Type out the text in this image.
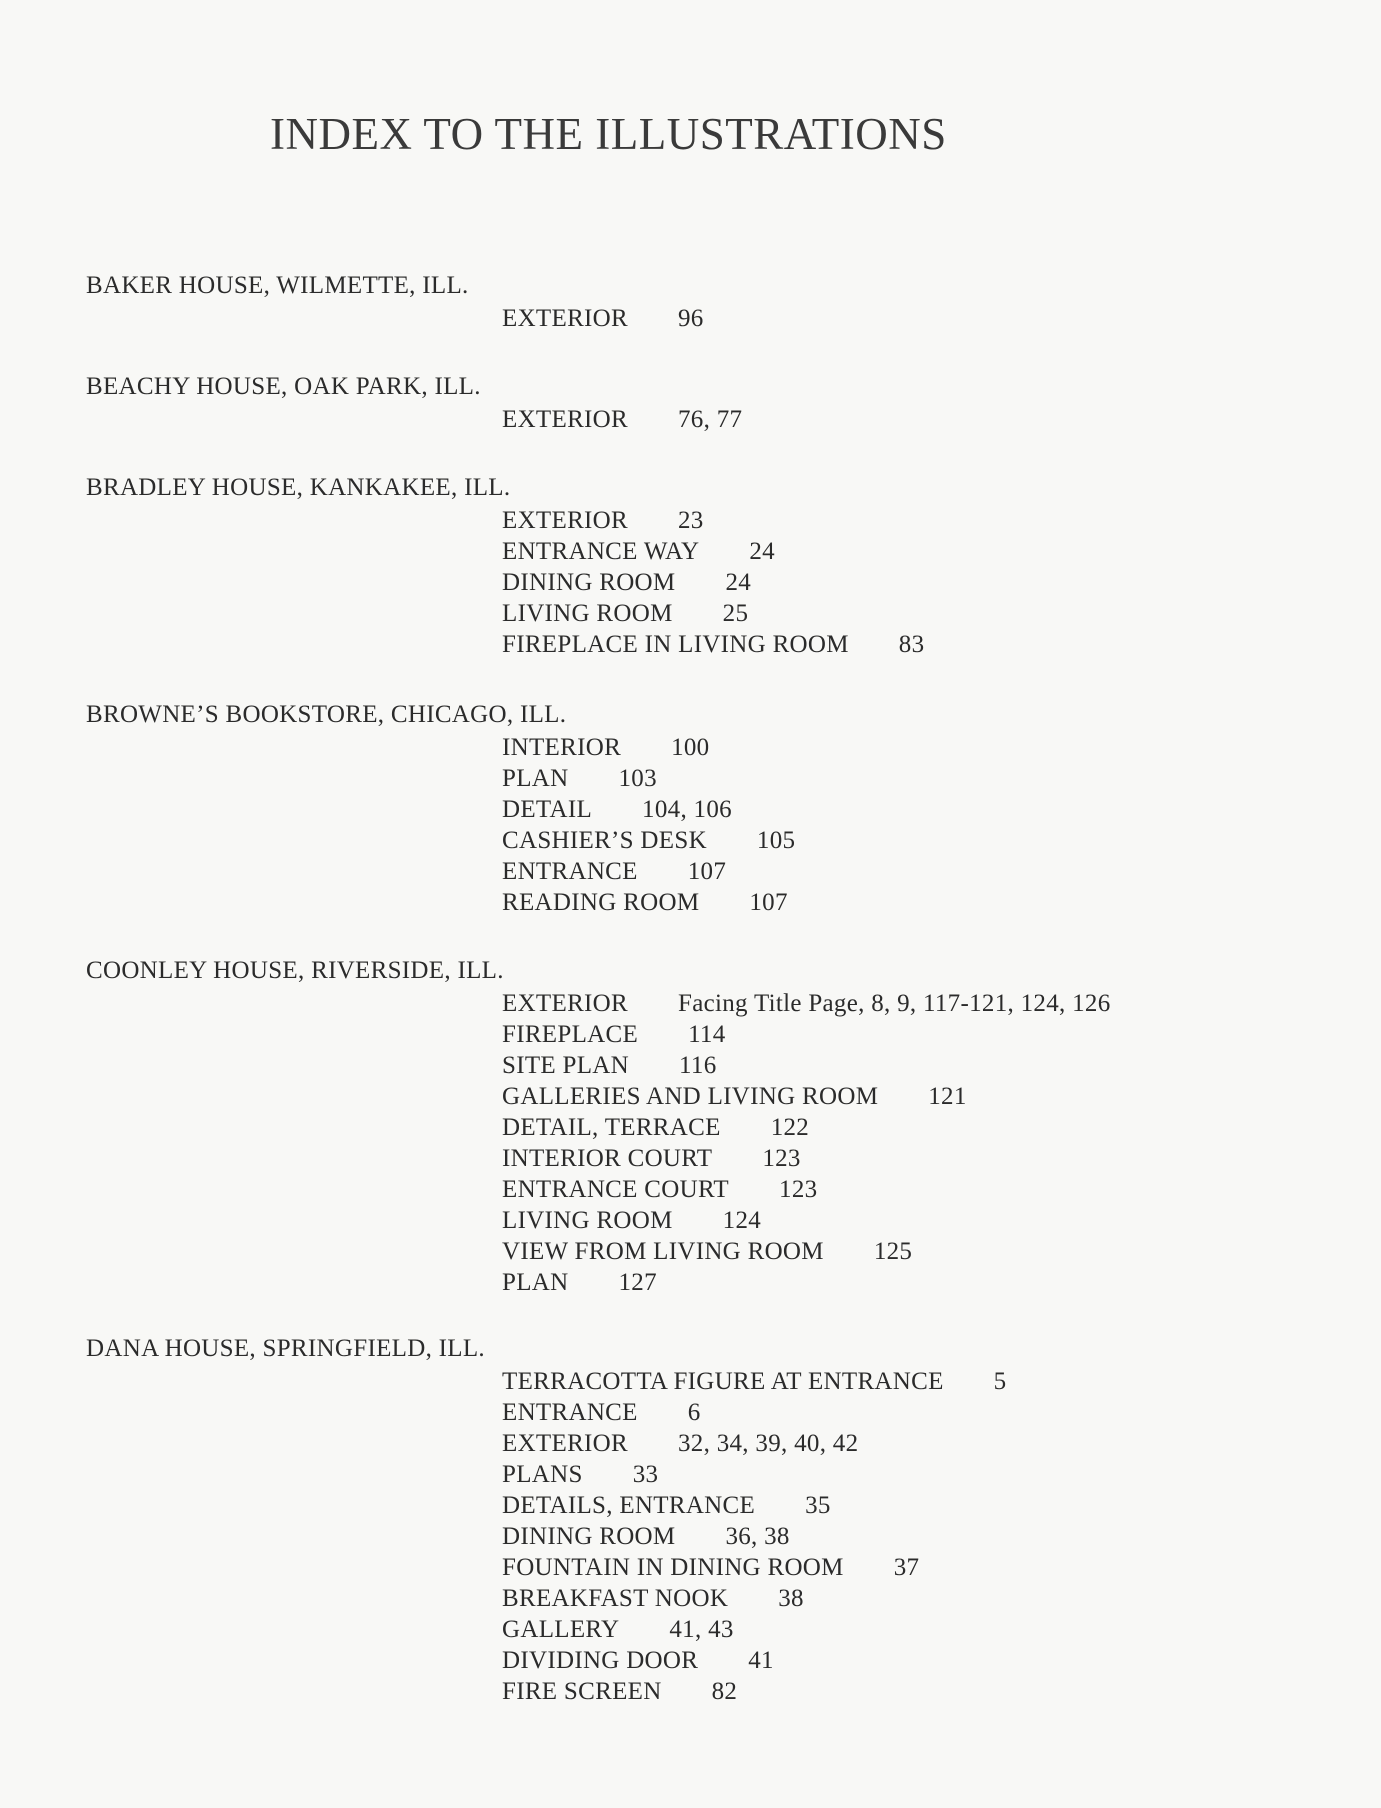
INDEX TO THE ILLUSTRATIONS
BAKER HOUSE, WILMETTE, ILL.
EXTERIOR 96
BEACHY HOUSE, OAK PARK, ILL.
EXTERIOR 76, 77
BRADLEY HOUSE, KANKAKEE, ILL.
EXTERIOR 23
ENTRANCE WAY 24
DINING ROOM 24
LIVING ROOM 25
FIREPLACE IN LIVING ROOM 83
BROWNE’S BOOKSTORE, CHICAGO, ILL.
INTERIOR 100
PLAN 103
DETAIL 104, 106
CASHIER’S DESK 105
ENTRANCE 107
READING ROOM 107
COONLEY HOUSE, RIVERSIDE, ILL.
EXTERIOR Facing Title Page, 8, 9, 117-121, 124, 126
FIREPLACE 114
SITE PLAN 116
GALLERIES AND LIVING ROOM 121
DETAIL, TERRACE 122
INTERIOR COURT 123
ENTRANCE COURT 123
LIVING ROOM 124
VIEW FROM LIVING ROOM 125
PLAN 127
DANA HOUSE, SPRINGFIELD, ILL.
TERRACOTTA FIGURE AT ENTRANCE 5
ENTRANCE 6
EXTERIOR 32, 34, 39, 40, 42
PLANS 33
DETAILS, ENTRANCE 35
DINING ROOM 36, 38
FOUNTAIN IN DINING ROOM 37
BREAKFAST NOOK 38
GALLERY 41, 43
DIVIDING DOOR 41
FIRE SCREEN 82
